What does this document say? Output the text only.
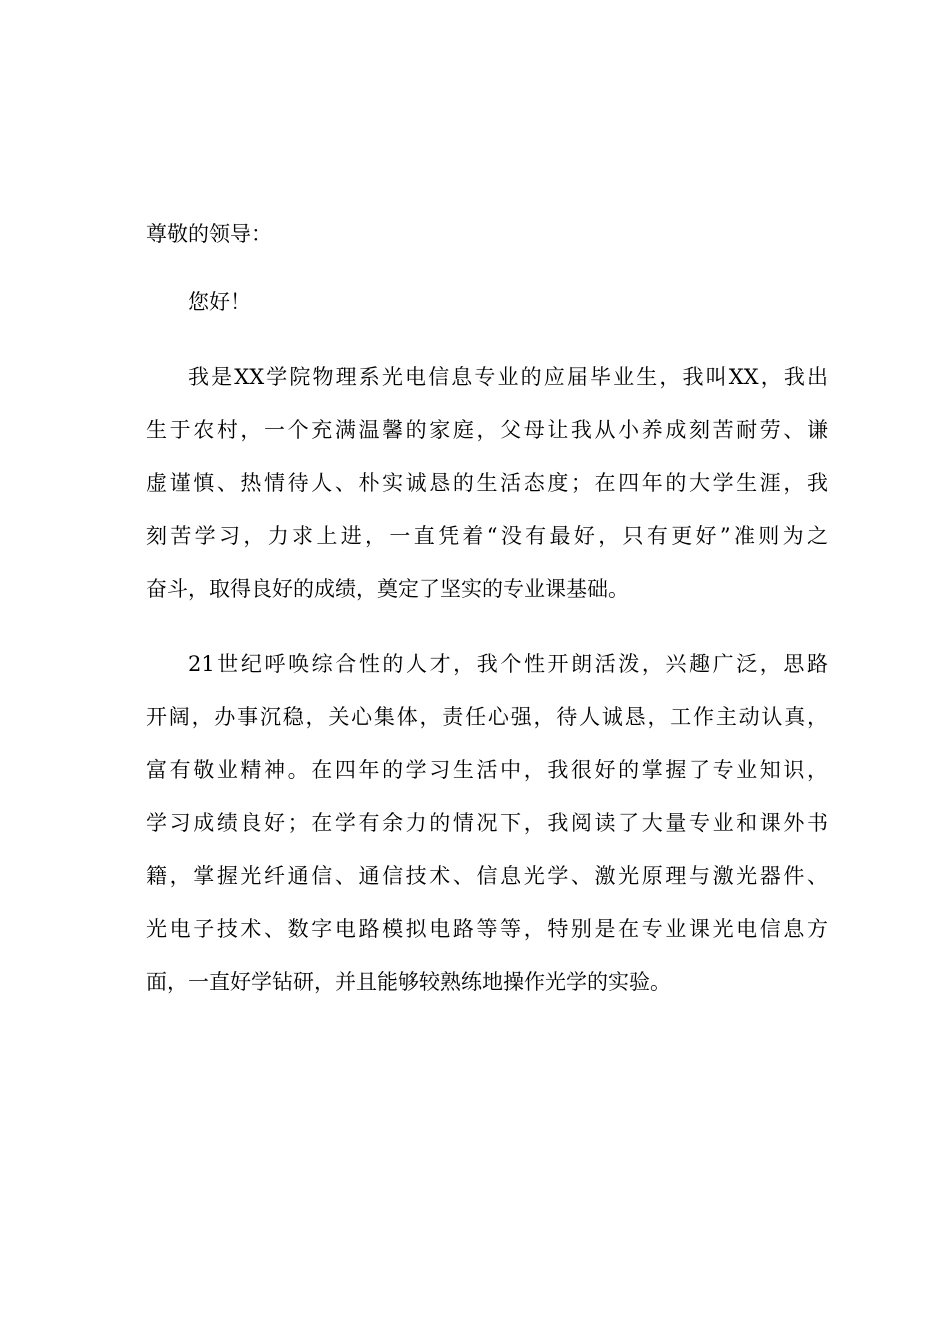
尊敬的领导：
您好！
我是XX学院物理系光电信息专业的应届毕业生，我叫XX，我出
生于农村，一个充满温馨的家庭，父母让我从小养成刻苦耐劳、谦
虚谨慎、热情待人、朴实诚恳的生活态度；在四年的大学生涯，我
刻苦学习，力求上进，一直凭着“没有最好，只有更好”准则为之
奋斗，取得良好的成绩，奠定了坚实的专业课基础。
21世纪呼唤综合性的人才，我个性开朗活泼，兴趣广泛，思路
开阔，办事沉稳，关心集体，责任心强，待人诚恳，工作主动认真，
富有敬业精神。在四年的学习生活中，我很好的掌握了专业知识，
学习成绩良好；在学有余力的情况下，我阅读了大量专业和课外书
籍，掌握光纤通信、通信技术、信息光学、激光原理与激光器件、
光电子技术、数字电路模拟电路等等，特别是在专业课光电信息方
面，一直好学钻研，并且能够较熟练地操作光学的实验。
